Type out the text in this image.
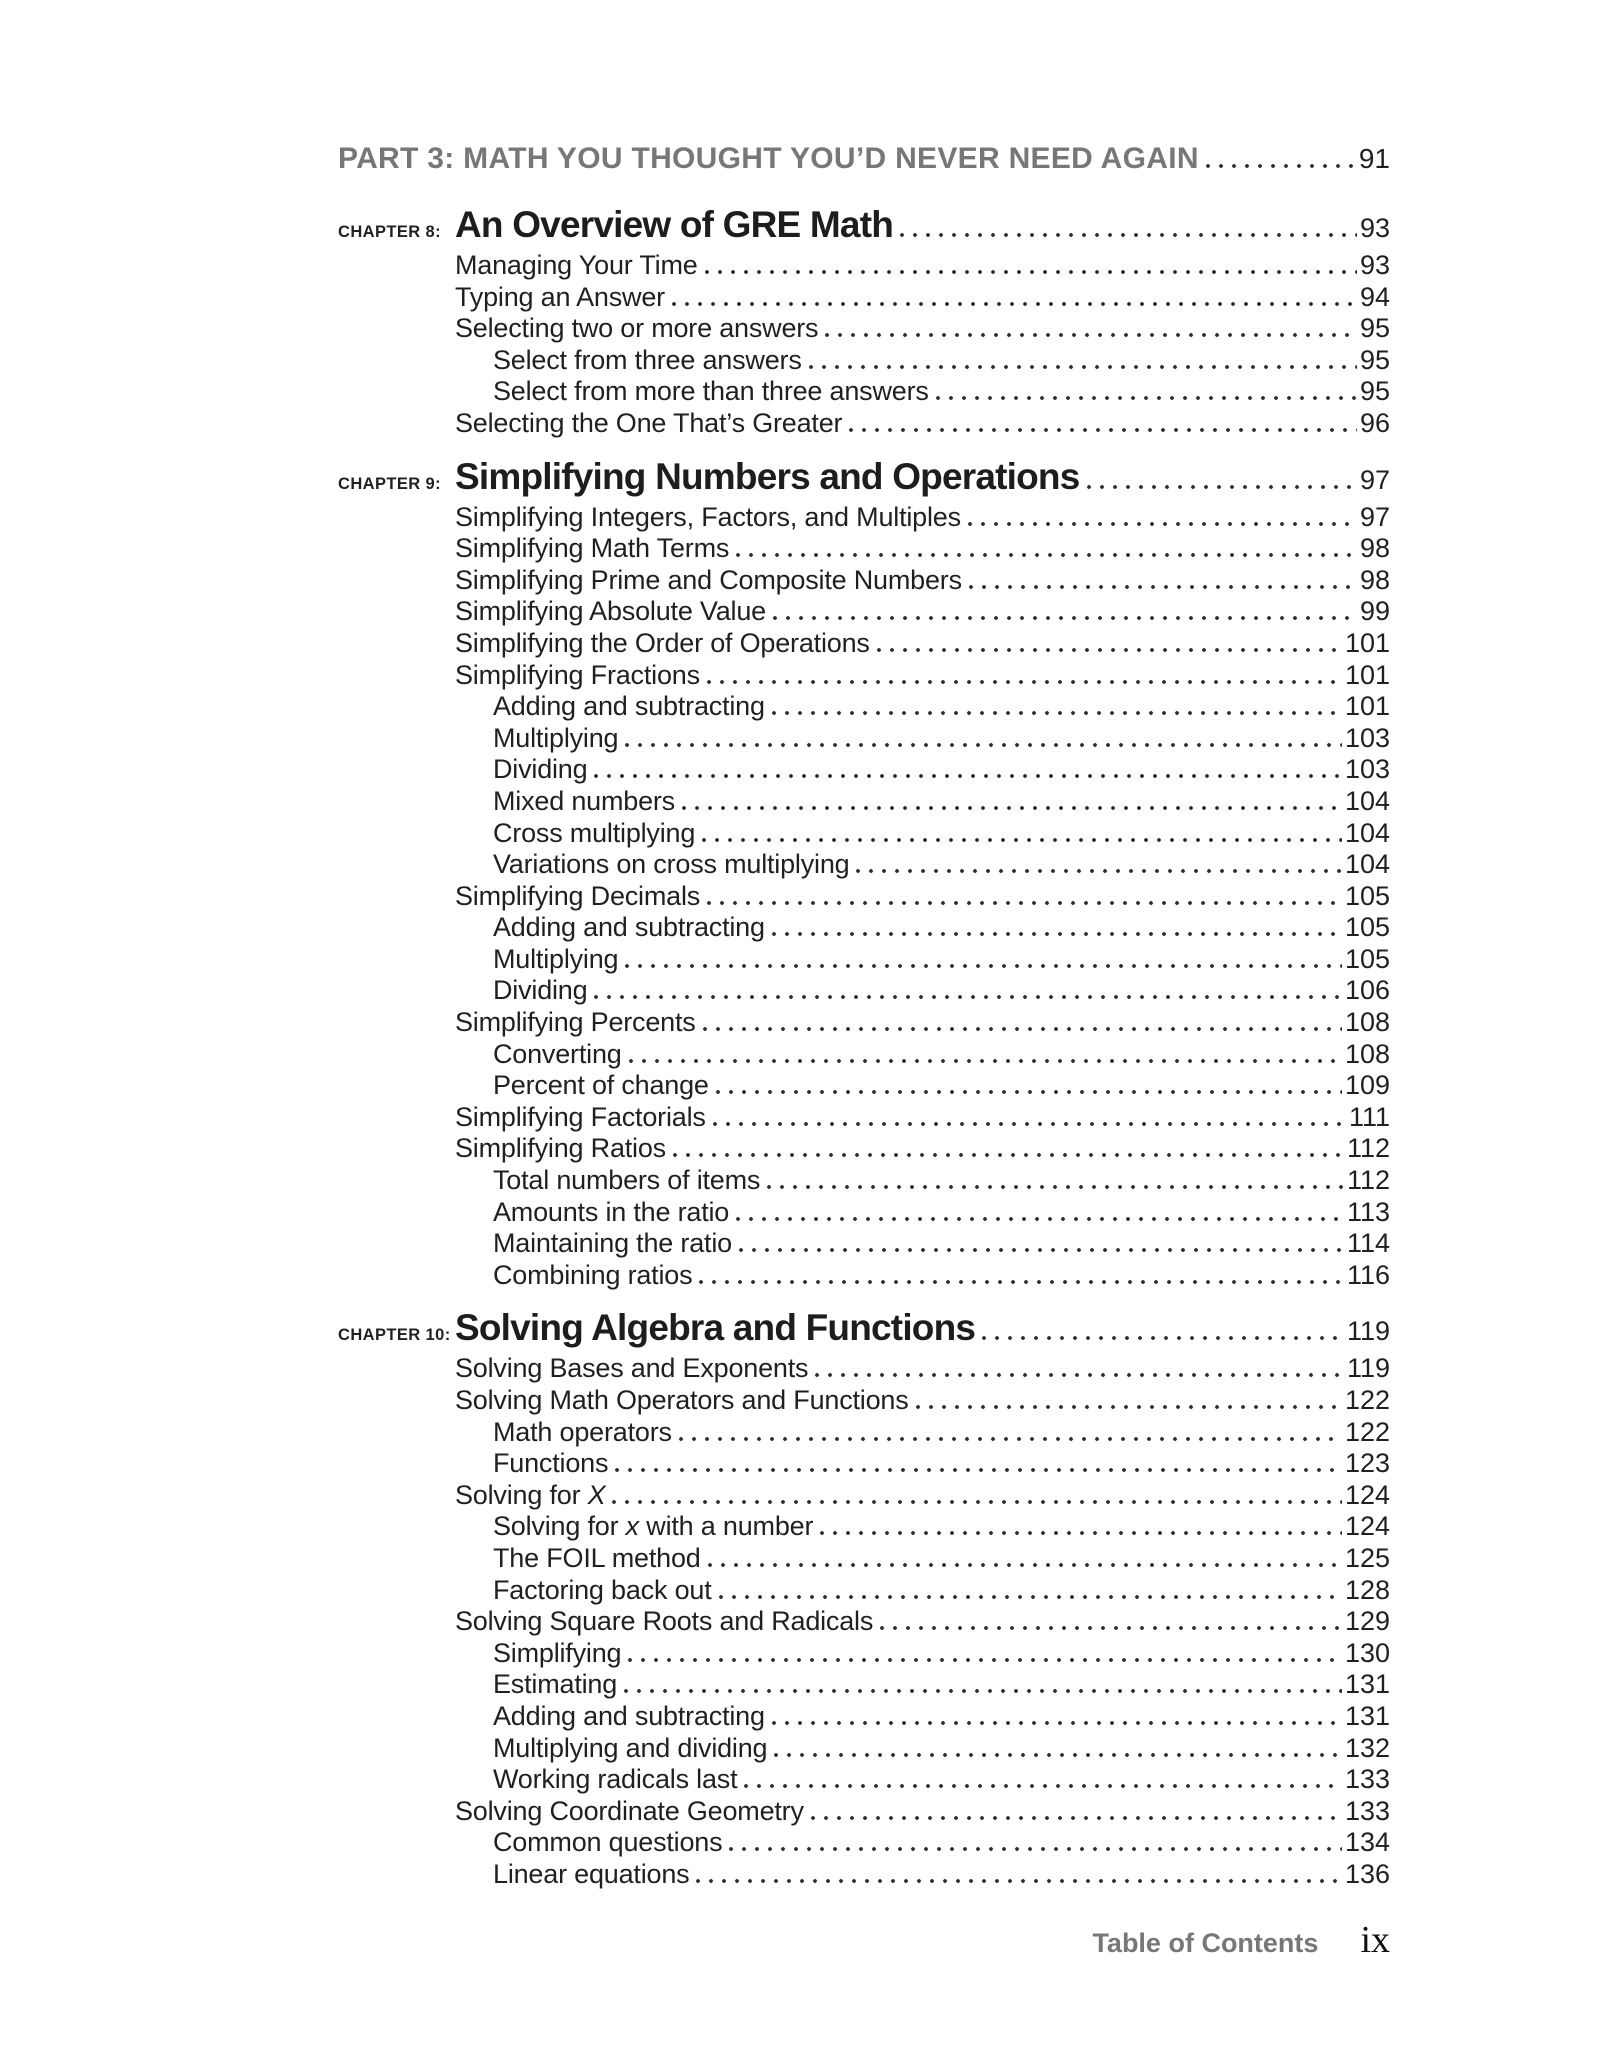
PART 3: MATH YOU THOUGHT YOU’D NEVER NEED AGAIN	91
CHAPTER 8: An Overview of GRE Math	93
Managing Your Time	93
Typing an Answer	94
Selecting two or more answers	95
Select from three answers	95
Select from more than three answers	95
Selecting the One That’s Greater	96
CHAPTER 9: Simplifying Numbers and Operations	97
Simplifying Integers, Factors, and Multiples	97
Simplifying Math Terms	98
Simplifying Prime and Composite Numbers	98
Simplifying Absolute Value	99
Simplifying the Order of Operations	101
Simplifying Fractions	101
Adding and subtracting	101
Multiplying	103
Dividing	103
Mixed numbers	104
Cross multiplying	104
Variations on cross multiplying	104
Simplifying Decimals	105
Adding and subtracting	105
Multiplying	105
Dividing	106
Simplifying Percents	108
Converting	108
Percent of change	109
Simplifying Factorials	111
Simplifying Ratios	112
Total numbers of items	112
Amounts in the ratio	113
Maintaining the ratio	114
Combining ratios	116
CHAPTER 10: Solving Algebra and Functions	119
Solving Bases and Exponents	119
Solving Math Operators and Functions	122
Math operators	122
Functions	123
Solving for X	124
Solving for x with a number	124
The FOIL method	125
Factoring back out	128
Solving Square Roots and Radicals	129
Simplifying	130
Estimating	131
Adding and subtracting	131
Multiplying and dividing	132
Working radicals last	133
Solving Coordinate Geometry	133
Common questions	134
Linear equations	136
Table of Contents ix
